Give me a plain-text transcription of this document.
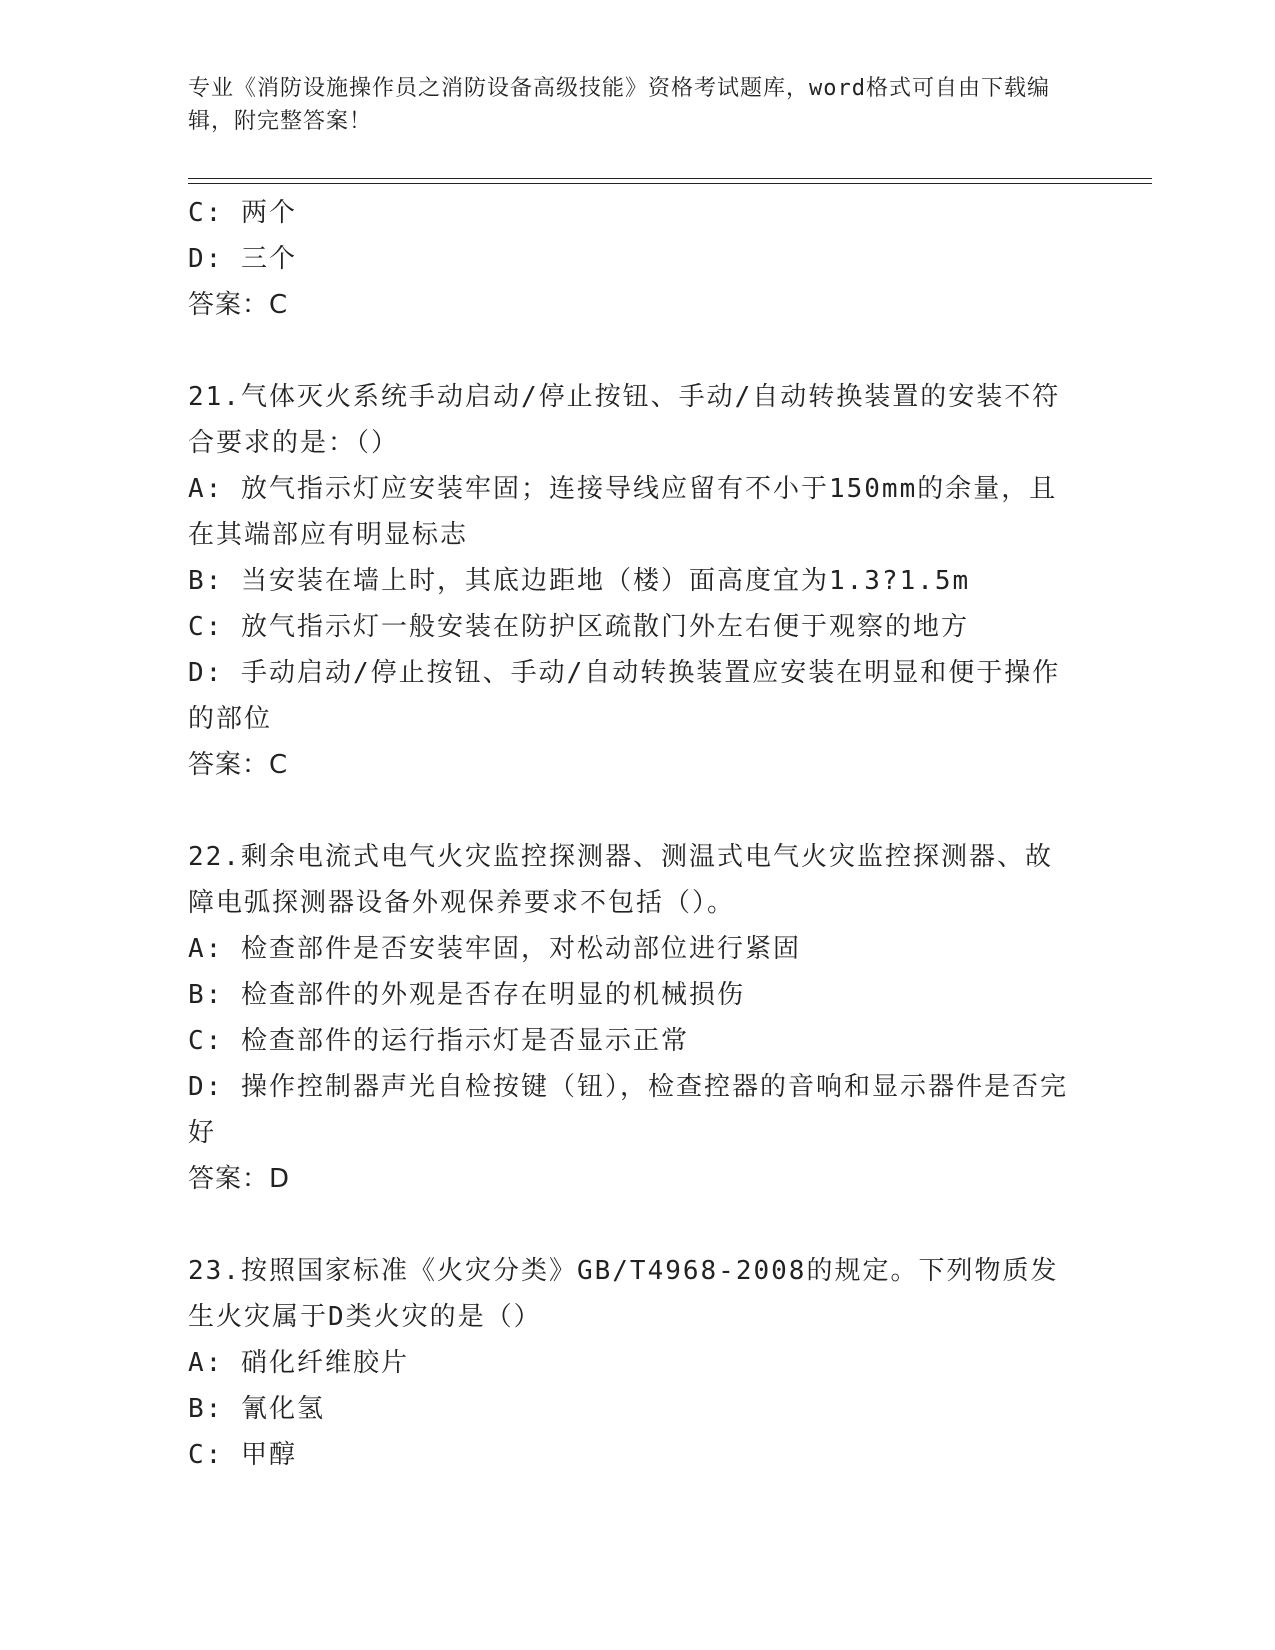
专业《消防设施操作员之消防设备高级技能》资格考试题库，word格式可自由下载编辑，附完整答案！

C: 两个

D: 三个

答案：C

21.气体灭火系统手动启动/停止按钮、手动/自动转换装置的安装不符合要求的是：（）

A: 放气指示灯应安装牢固；连接导线应留有不小于150mm的余量，且在其端部应有明显标志

B: 当安装在墙上时，其底边距地（楼）面高度宜为1.3?1.5m

C: 放气指示灯一般安装在防护区疏散门外左右便于观察的地方

D: 手动启动/停止按钮、手动/自动转换装置应安装在明显和便于操作的部位

答案：C

22.剩余电流式电气火灾监控探测器、测温式电气火灾监控探测器、故障电弧探测器设备外观保养要求不包括（）。

A: 检查部件是否安装牢固，对松动部位进行紧固

B: 检查部件的外观是否存在明显的机械损伤

C: 检查部件的运行指示灯是否显示正常

D: 操作控制器声光自检按键（钮），检查控器的音响和显示器件是否完好

答案：D

23.按照国家标准《火灾分类》GB/T4968-2008的规定。下列物质发生火灾属于D类火灾的是（）

A: 硝化纤维胶片

B: 氰化氢

C: 甲醇
